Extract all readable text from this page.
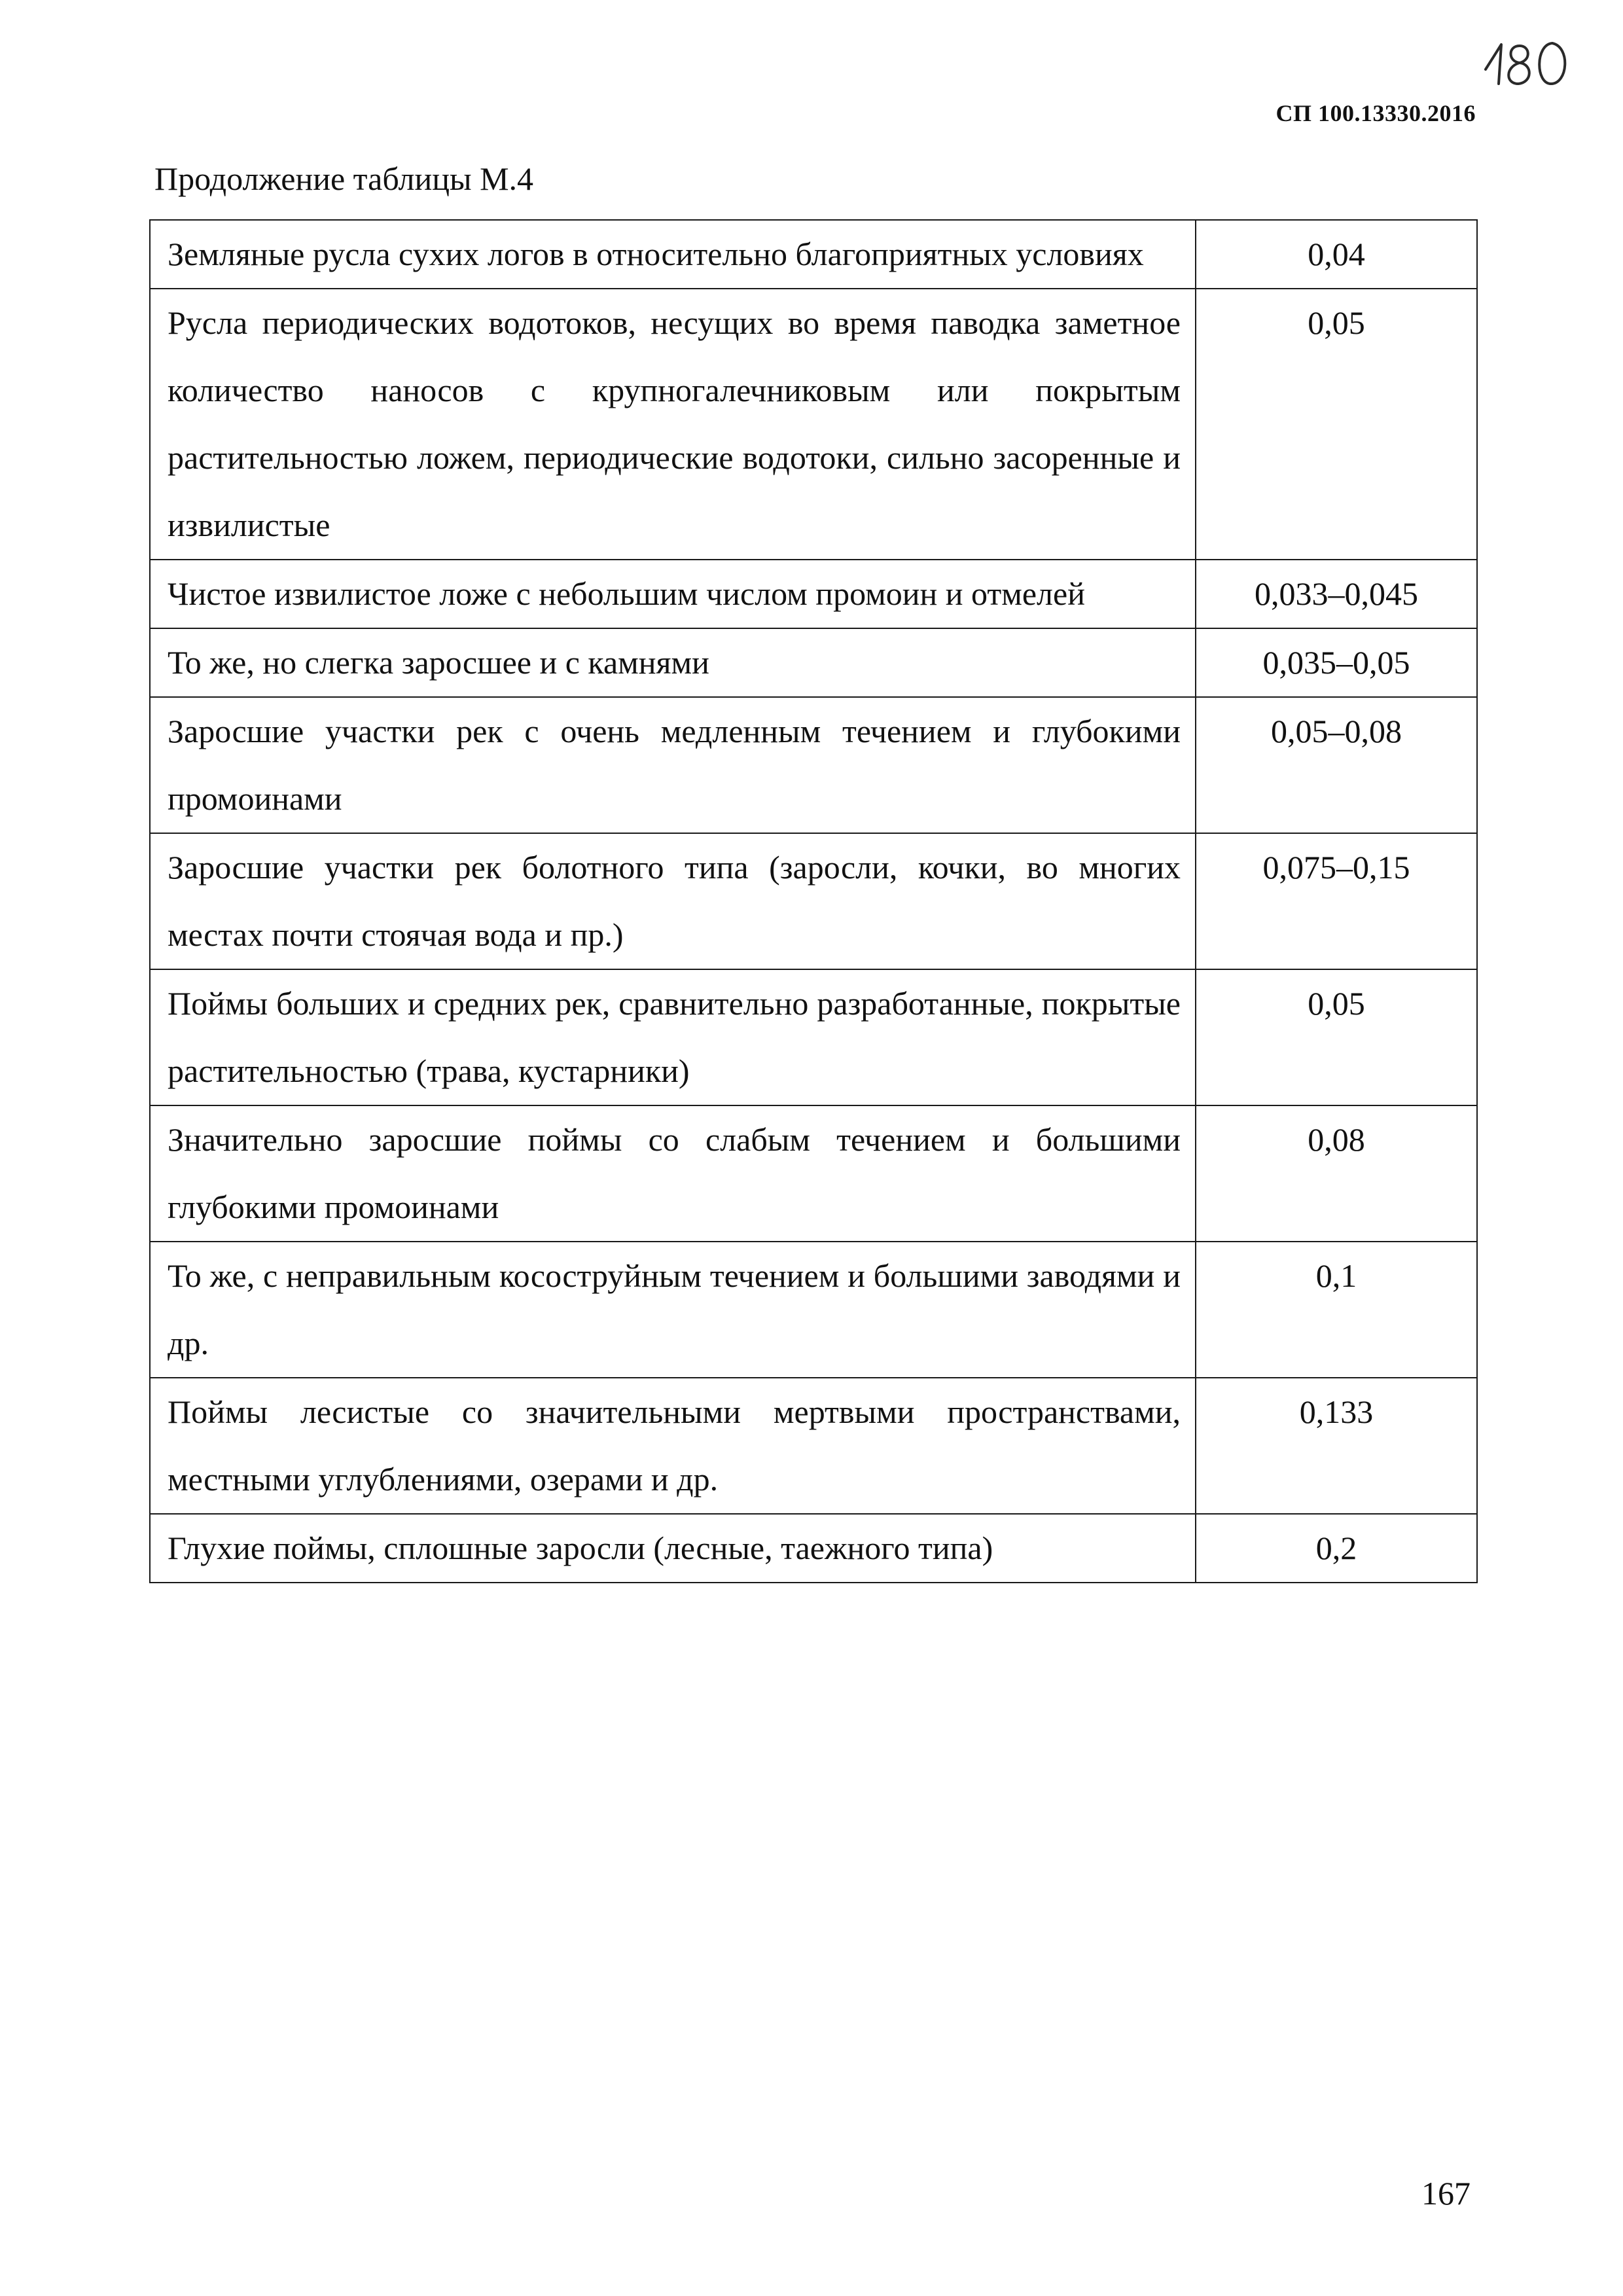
СП 100.13330.2016
Продолжение таблицы М.4
Земляные русла сухих логов в относительно благоприятных условиях	0,04
Русла периодических водотоков, несущих во время паводка заметное количество наносов с крупногалечниковым или покрытым растительностью ложем, периодические водотоки, сильно засоренные и извилистые	0,05
Чистое извилистое ложе с небольшим числом промоин и отмелей	0,033–0,045
То же, но слегка заросшее и с камнями	0,035–0,05
Заросшие участки рек с очень медленным течением и глубокими промоинами	0,05–0,08
Заросшие участки рек болотного типа (заросли, кочки, во многих местах почти стоячая вода и пр.)	0,075–0,15
Поймы больших и средних рек, сравнительно разработанные, покрытые растительностью (трава, кустарники)	0,05
Значительно заросшие поймы со слабым течением и большими глубокими промоинами	0,08
То же, с неправильным косоструйным течением и большими заводями и др.	0,1
Поймы лесистые со значительными мертвыми пространствами, местными углублениями, озерами и др.	0,133
Глухие поймы, сплошные заросли (лесные, таежного типа)	0,2
167
